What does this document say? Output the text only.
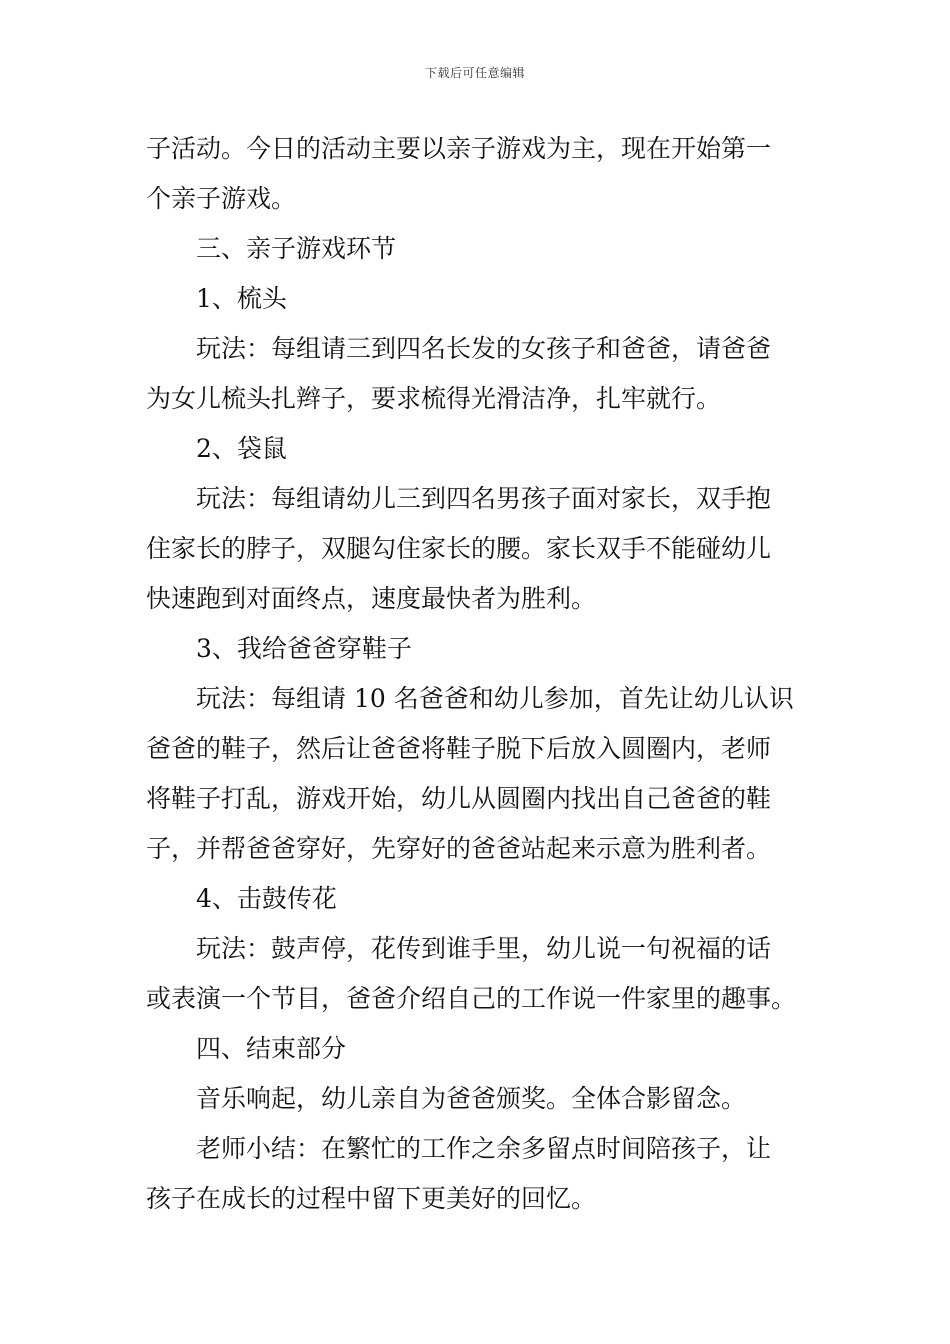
下载后可任意编辑
子活动。今日的活动主要以亲子游戏为主，现在开始第一
个亲子游戏。
三、亲子游戏环节
1、梳头
玩法：每组请三到四名长发的女孩子和爸爸，请爸爸
为女儿梳头扎辫子，要求梳得光滑洁净，扎牢就行。
2、袋鼠
玩法：每组请幼儿三到四名男孩子面对家长，双手抱
住家长的脖子，双腿勾住家长的腰。家长双手不能碰幼儿
快速跑到对面终点，速度最快者为胜利。
3、我给爸爸穿鞋子
玩法：每组请 10 名爸爸和幼儿参加，首先让幼儿认识
爸爸的鞋子，然后让爸爸将鞋子脱下后放入圆圈内，老师
将鞋子打乱，游戏开始，幼儿从圆圈内找出自己爸爸的鞋
子，并帮爸爸穿好，先穿好的爸爸站起来示意为胜利者。
4、击鼓传花
玩法：鼓声停，花传到谁手里，幼儿说一句祝福的话
或表演一个节目，爸爸介绍自己的工作说一件家里的趣事。
四、结束部分
音乐响起，幼儿亲自为爸爸颁奖。全体合影留念。
老师小结：在繁忙的工作之余多留点时间陪孩子，让
孩子在成长的过程中留下更美好的回忆。
